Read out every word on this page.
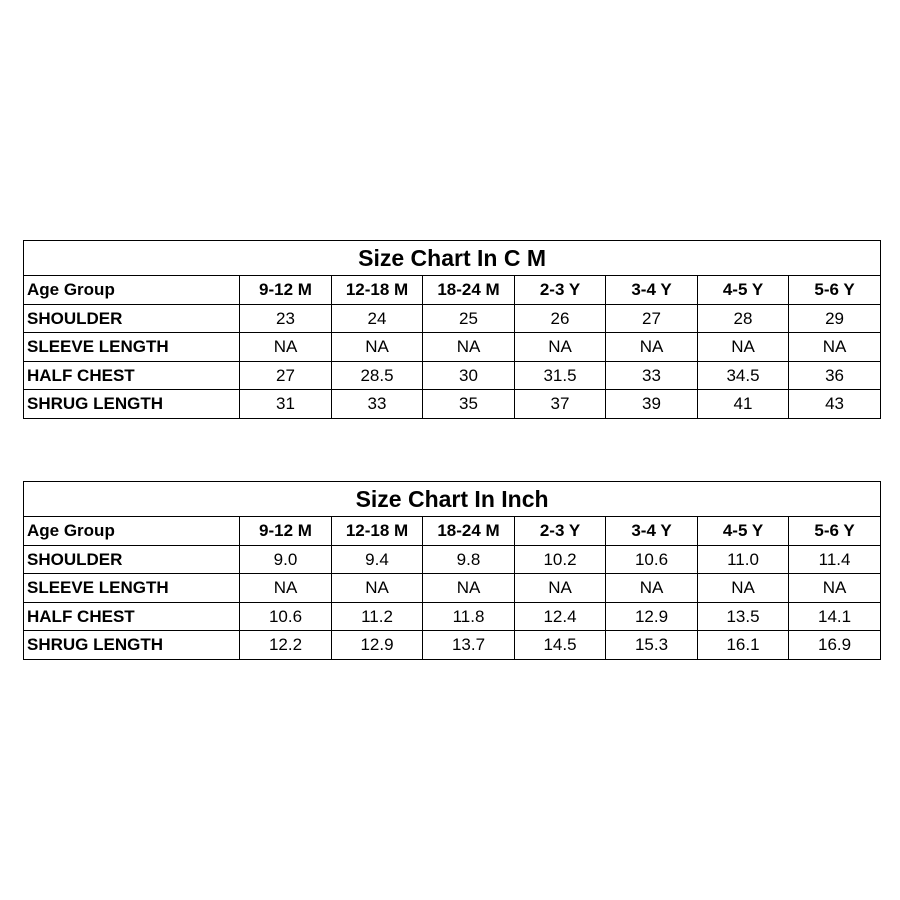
Size Chart In C M							
Age Group	9-12 M	12-18 M	18-24 M	2-3 Y	3-4 Y	4-5 Y	5-6 Y
SHOULDER	23	24	25	26	27	28	29
SLEEVE LENGTH	NA	NA	NA	NA	NA	NA	NA
HALF CHEST	27	28.5	30	31.5	33	34.5	36
SHRUG LENGTH	31	33	35	37	39	41	43
Size Chart In Inch							
Age Group	9-12 M	12-18 M	18-24 M	2-3 Y	3-4 Y	4-5 Y	5-6 Y
SHOULDER	9.0	9.4	9.8	10.2	10.6	11.0	11.4
SLEEVE LENGTH	NA	NA	NA	NA	NA	NA	NA
HALF CHEST	10.6	11.2	11.8	12.4	12.9	13.5	14.1
SHRUG LENGTH	12.2	12.9	13.7	14.5	15.3	16.1	16.9
